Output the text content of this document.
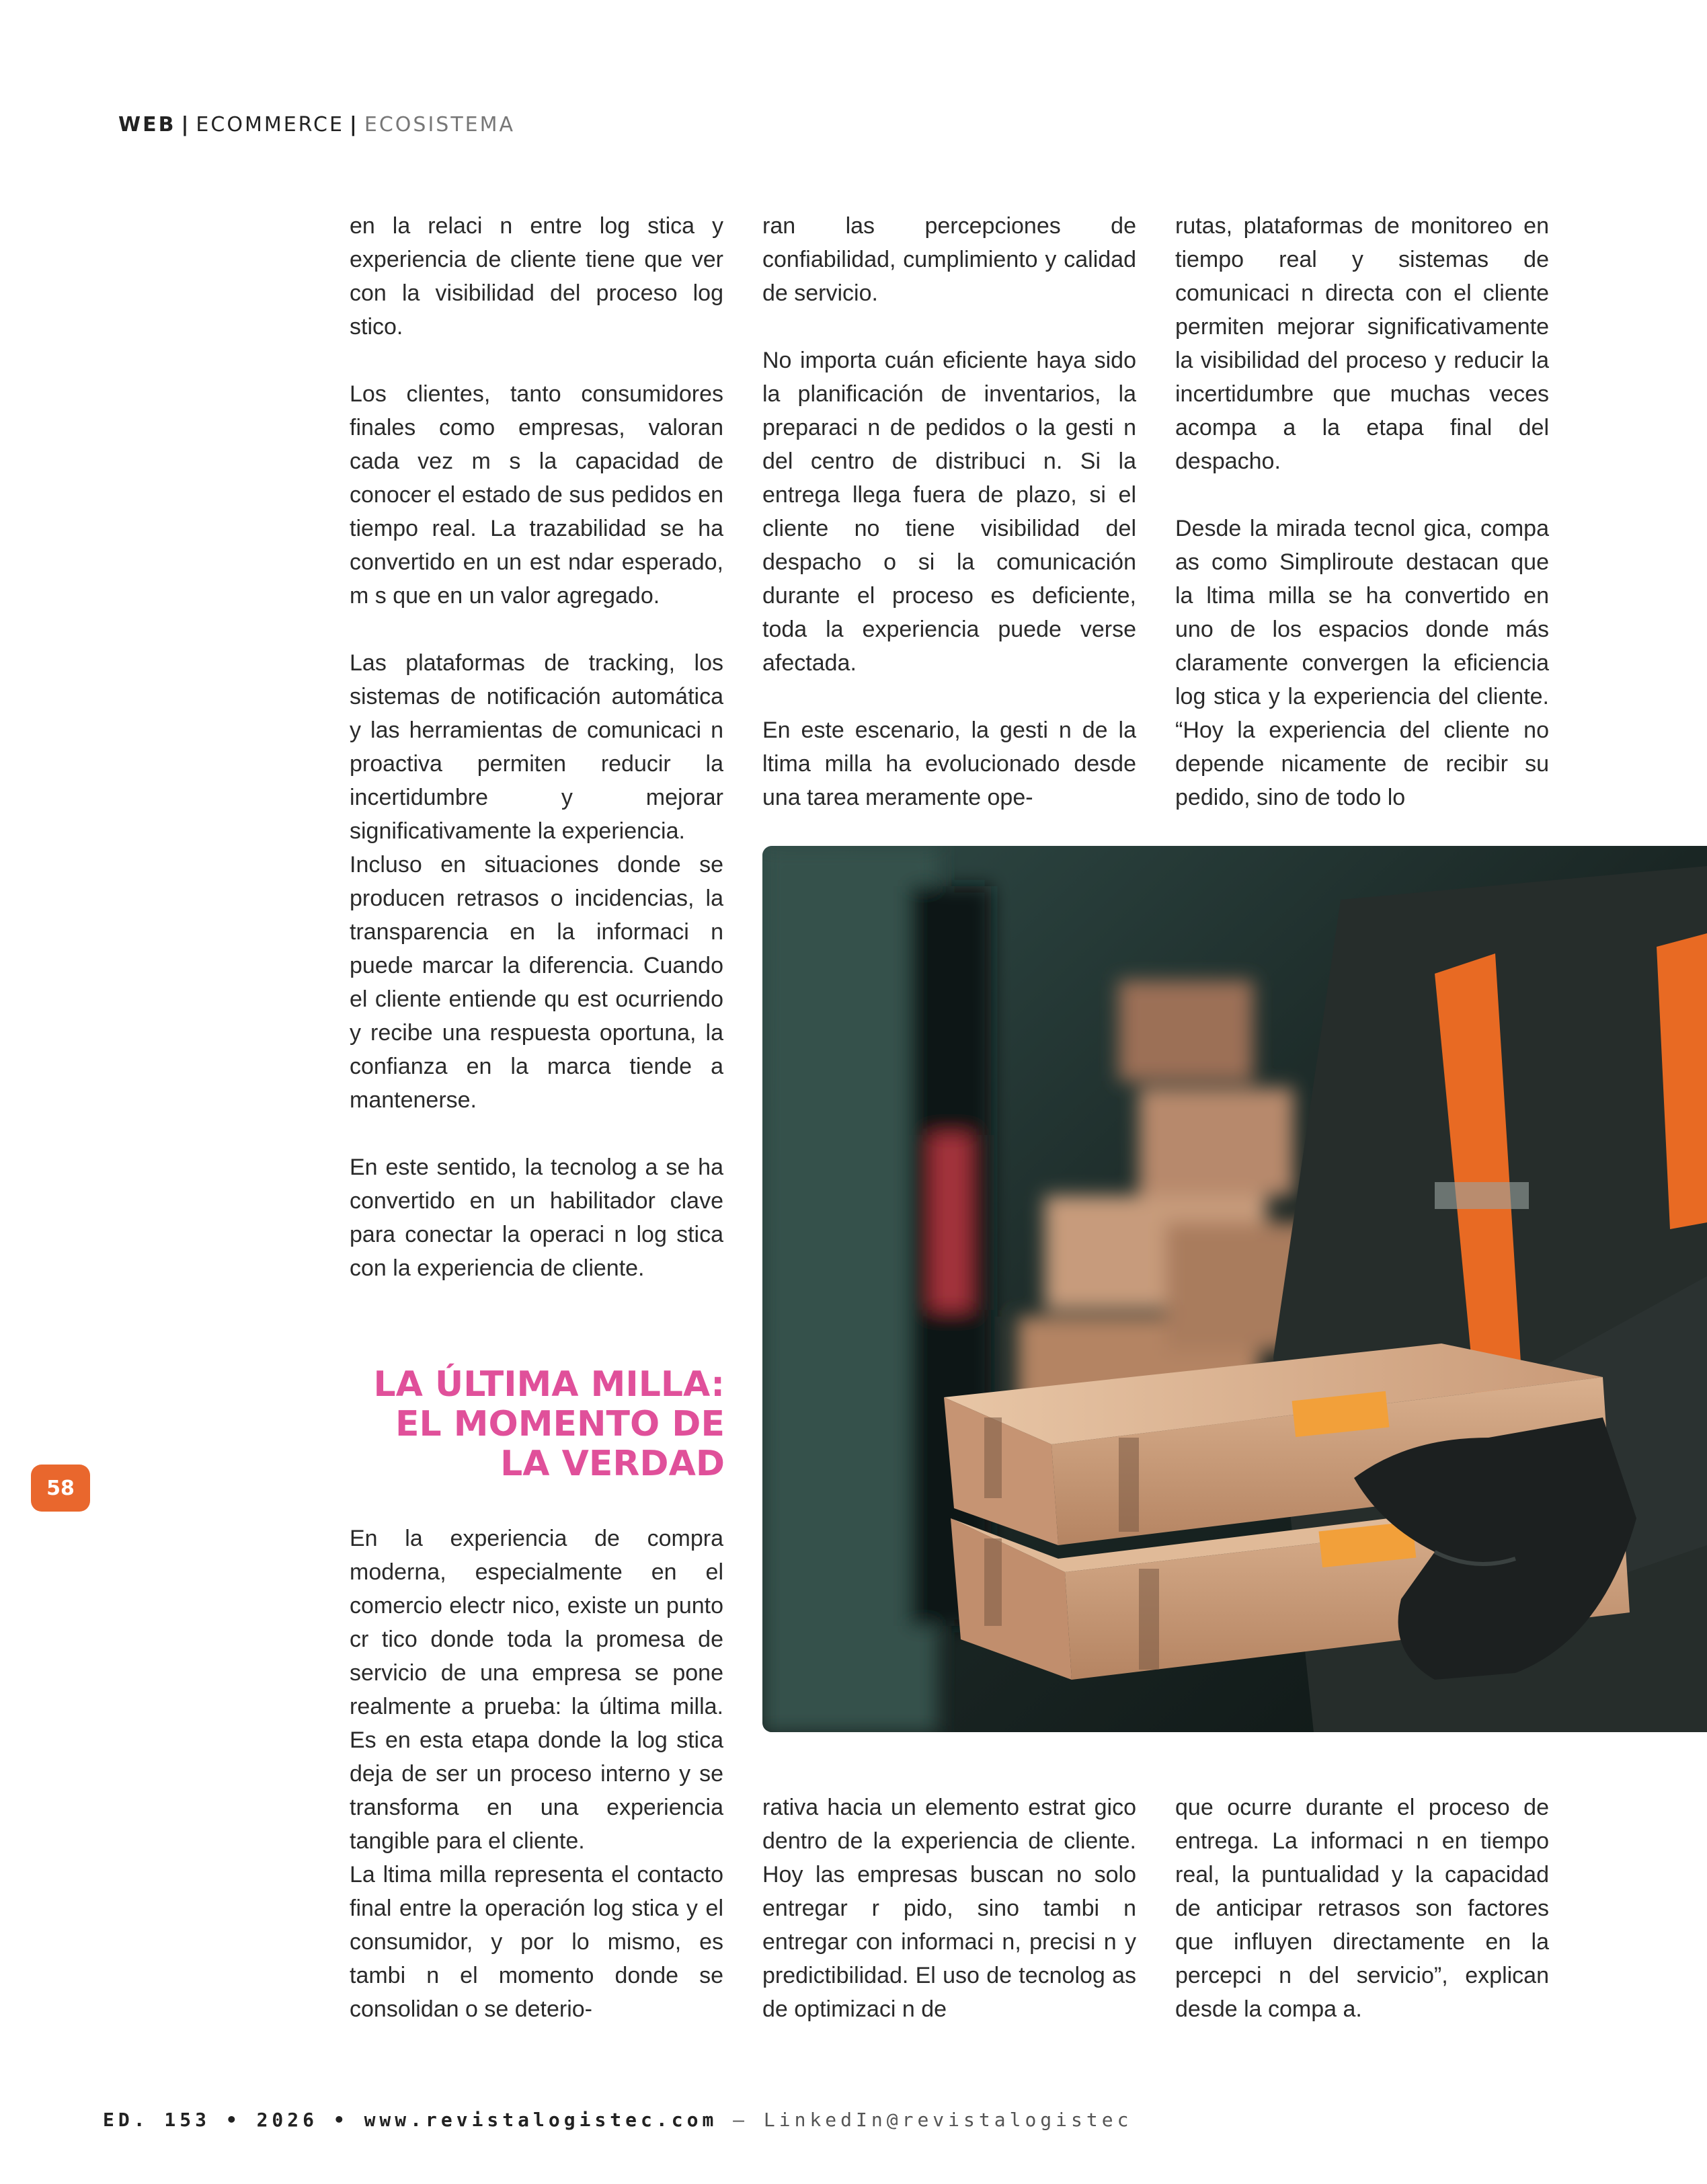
WEB | ECOMMERCE | ECOSISTEMA

en la relaci n entre log stica y experiencia de cliente tiene que ver con la visibilidad del proceso log stico.

Los clientes, tanto consumidores finales como empresas, valoran cada vez m s la capacidad de conocer el estado de sus pedidos en tiempo real. La trazabilidad se ha convertido en un est ndar esperado, m s que en un valor agregado.

Las plataformas de tracking, los sistemas de notificación automática y las herramientas de comunicaci n proactiva permiten reducir la incertidumbre y mejorar significativamente la experiencia.

Incluso en situaciones donde se producen retrasos o incidencias, la transparencia en la informaci n puede marcar la diferencia. Cuando el cliente entiende qu est ocurriendo y recibe una respuesta oportuna, la confianza en la marca tiende a mantenerse.

En este sentido, la tecnolog a se ha convertido en un habilitador clave para conectar la operaci n log stica con la experiencia de cliente.

LA ÚLTIMA MILLA:
EL MOMENTO DE
LA VERDAD

En la experiencia de compra moderna, especialmente en el comercio electr nico, existe un punto cr tico donde toda la promesa de servicio de una empresa se pone realmente a prueba: la última milla. Es en esta etapa donde la log stica deja de ser un proceso interno y se transforma en una experiencia tangible para el cliente.

La ltima milla representa el contacto final entre la operación log stica y el consumidor, y por lo mismo, es tambi n el momento donde se consolidan o se deterio-

ran las percepciones de confiabilidad, cumplimiento y calidad de servicio.

No importa cuán eficiente haya sido la planificación de inventarios, la preparaci n de pedidos o la gesti n del centro de distribuci n. Si la entrega llega fuera de plazo, si el cliente no tiene visibilidad del despacho o si la comunicación durante el proceso es deficiente, toda la experiencia puede verse afectada.

En este escenario, la gesti n de la ltima milla ha evolucionado desde una tarea meramente ope-

rutas, plataformas de monitoreo en tiempo real y sistemas de comunicaci n directa con el cliente permiten mejorar significativamente la visibilidad del proceso y reducir la incertidumbre que muchas veces acompa a la etapa final del despacho.

Desde la mirada tecnol gica, compa as como Simpliroute destacan que la ltima milla se ha convertido en uno de los espacios donde más claramente convergen la eficiencia log stica y la experiencia del cliente. “Hoy la experiencia del cliente no depende nicamente de recibir su pedido, sino de todo lo

rativa hacia un elemento estrat gico dentro de la experiencia de cliente. Hoy las empresas buscan no solo entregar r pido, sino tambi n entregar con informaci n, precisi n y predictibilidad. El uso de tecnolog as de optimizaci n de

que ocurre durante el proceso de entrega. La informaci n en tiempo real, la puntualidad y la capacidad de anticipar retrasos son factores que influyen directamente en la percepci n del servicio”, explican desde la compa a.

58
ED. 153 • 2026 • www.revistalogistec.com – LinkedIn@revistalogistec
